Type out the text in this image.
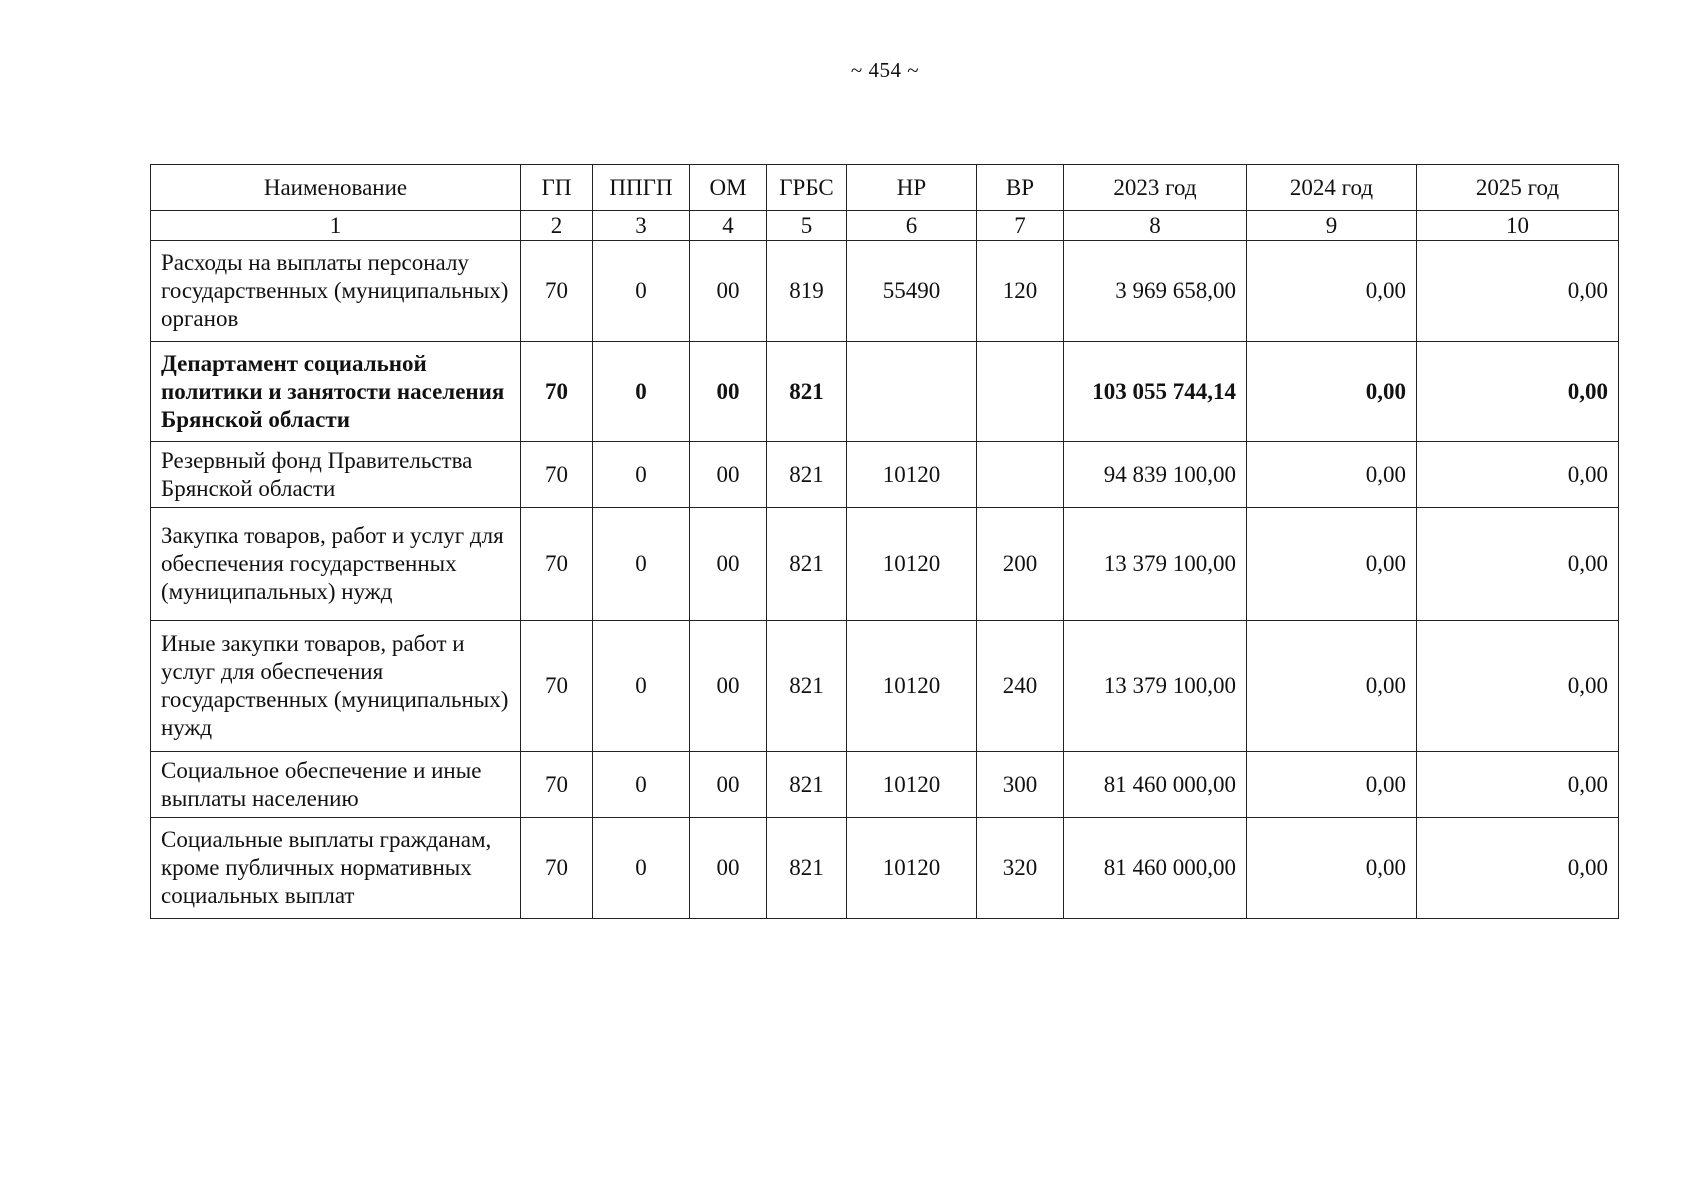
~ 454 ~
Наименование	ГП	ППГП	ОМ	ГРБС	НР	ВР	2023 год	2024 год	2025 год
1	2	3	4	5	6	7	8	9	10
Расходы на выплаты персоналу государственных (муниципальных) органов	70	0	00	819	55490	120	3 969 658,00	0,00	0,00
Департамент социальной политики и занятости населения Брянской области	70	0	00	821			103 055 744,14	0,00	0,00
Резервный фонд Правительства Брянской области	70	0	00	821	10120		94 839 100,00	0,00	0,00
Закупка товаров, работ и услуг для обеспечения государственных (муниципальных) нужд	70	0	00	821	10120	200	13 379 100,00	0,00	0,00
Иные закупки товаров, работ и услуг для обеспечения государственных (муниципальных) нужд	70	0	00	821	10120	240	13 379 100,00	0,00	0,00
Социальное обеспечение и иные выплаты населению	70	0	00	821	10120	300	81 460 000,00	0,00	0,00
Социальные выплаты гражданам, кроме публичных нормативных социальных выплат	70	0	00	821	10120	320	81 460 000,00	0,00	0,00
